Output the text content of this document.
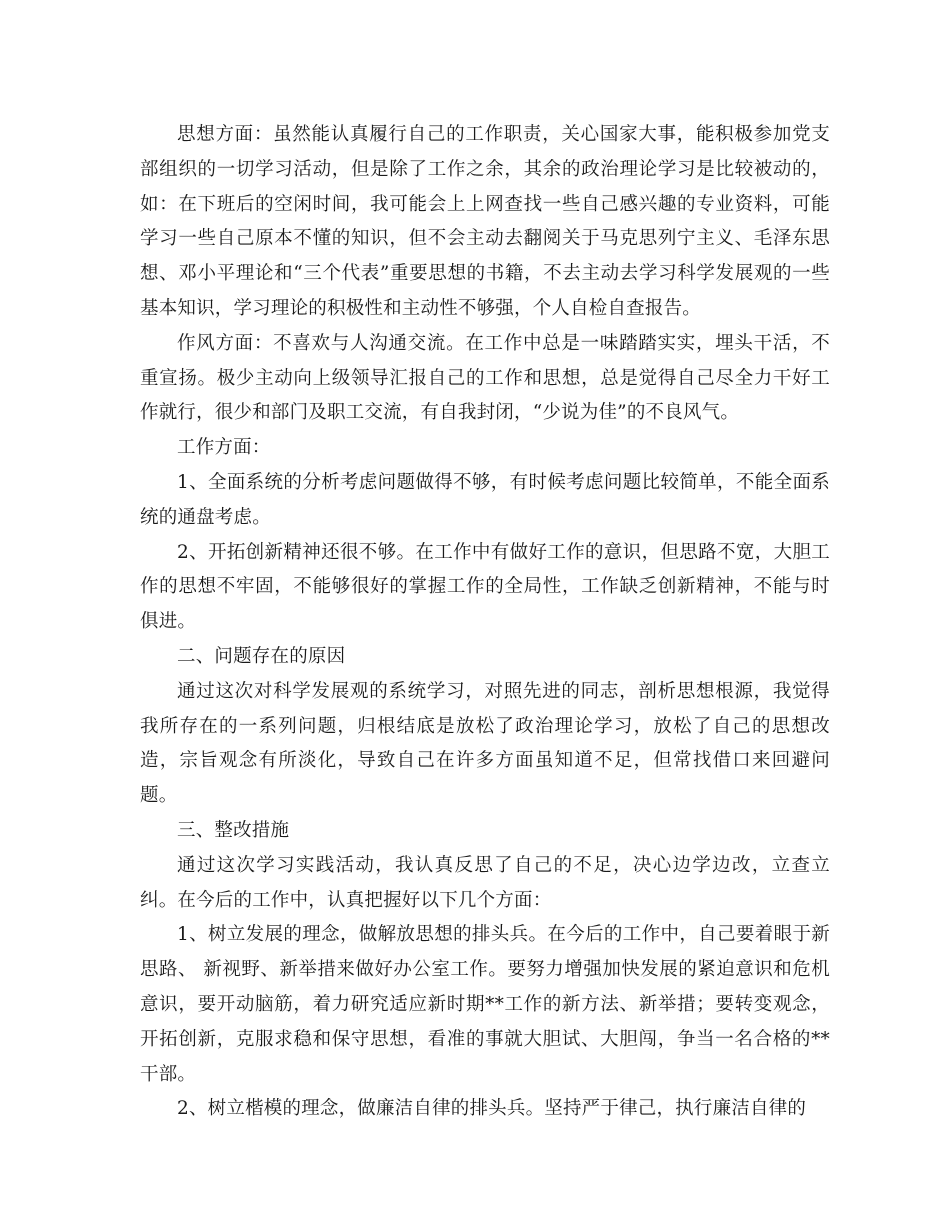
思想方面：虽然能认真履行自己的工作职责，关心国家大事，能积极参加党支部组织的一切学习活动，但是除了工作之余，其余的政治理论学习是比较被动的，如：在下班后的空闲时间，我可能会上上网查找一些自己感兴趣的专业资料，可能学习一些自己原本不懂的知识，但不会主动去翻阅关于马克思列宁主义、毛泽东思想、邓小平理论和“三个代表”重要思想的书籍，不去主动去学习科学发展观的一些基本知识，学习理论的积极性和主动性不够强，个人自检自查报告。

作风方面：不喜欢与人沟通交流。在工作中总是一味踏踏实实，埋头干活，不重宣扬。极少主动向上级领导汇报自己的工作和思想，总是觉得自己尽全力干好工作就行，很少和部门及职工交流，有自我封闭，“少说为佳”的不良风气。

工作方面：

1、全面系统的分析考虑问题做得不够，有时候考虑问题比较简单，不能全面系统的通盘考虑。

2、开拓创新精神还很不够。在工作中有做好工作的意识，但思路不宽，大胆工作的思想不牢固，不能够很好的掌握工作的全局性，工作缺乏创新精神，不能与时俱进。

二、问题存在的原因

通过这次对科学发展观的系统学习，对照先进的同志，剖析思想根源，我觉得我所存在的一系列问题，归根结底是放松了政治理论学习，放松了自己的思想改造，宗旨观念有所淡化，导致自己在许多方面虽知道不足，但常找借口来回避问题。

三、整改措施

通过这次学习实践活动，我认真反思了自己的不足，决心边学边改，立查立纠。在今后的工作中，认真把握好以下几个方面：

1、树立发展的理念，做解放思想的排头兵。在今后的工作中，自己要着眼于新思路、 新视野、新举措来做好办公室工作。要努力增强加快发展的紧迫意识和危机意识，要开动脑筋，着力研究适应新时期**工作的新方法、新举措；要转变观念，开拓创新，克服求稳和保守思想，看准的事就大胆试、大胆闯，争当一名合格的**干部。

2、树立楷模的理念，做廉洁自律的排头兵。坚持严于律己，执行廉洁自律的
